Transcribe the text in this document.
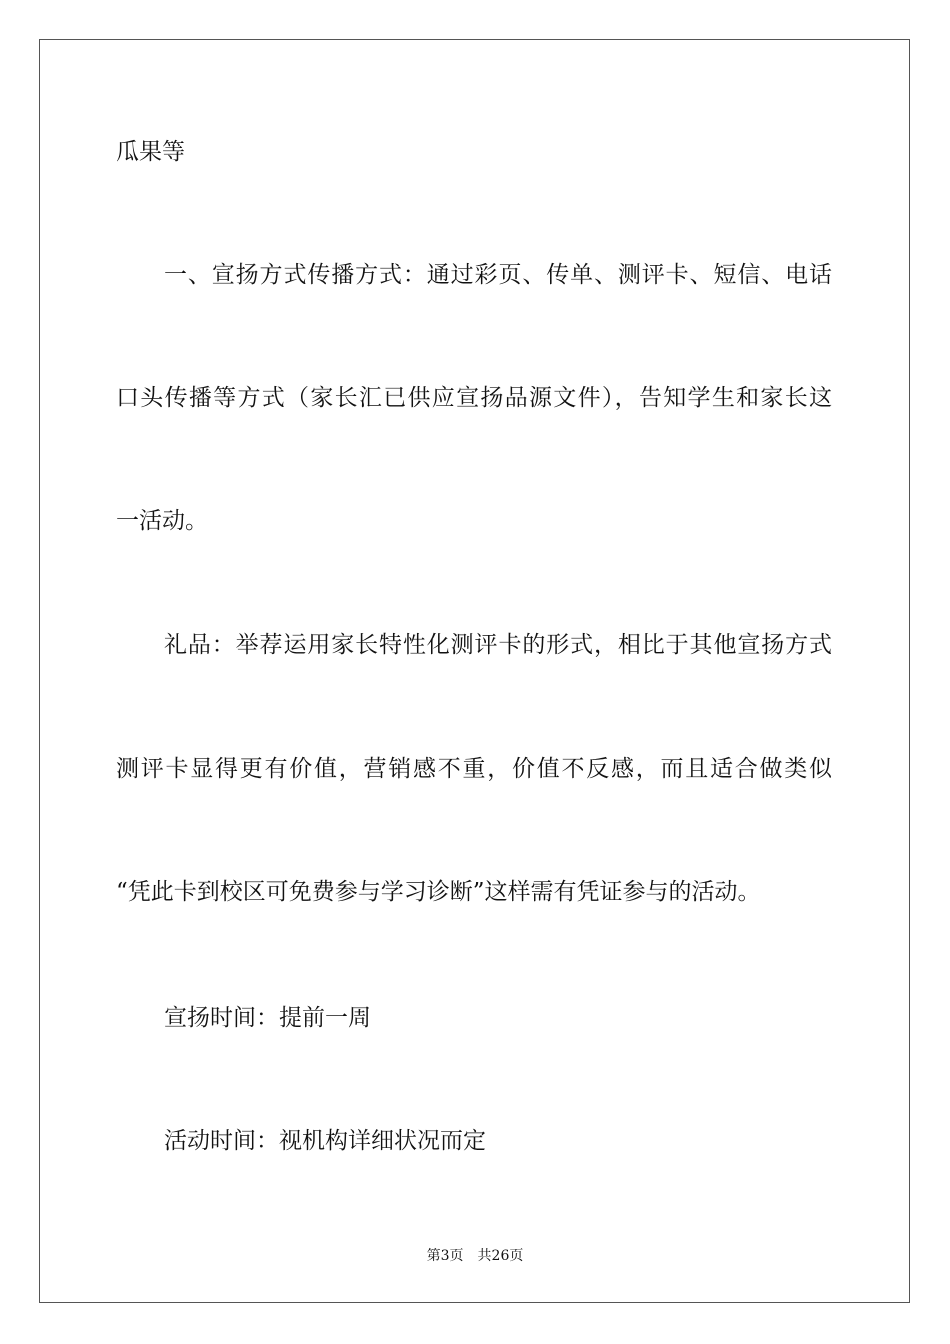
瓜果等
一、宣扬方式传播方式：通过彩页、传单、测评卡、短信、电话
口头传播等方式（家长汇已供应宣扬品源文件），告知学生和家长这
一活动。
礼品：举荐运用家长特性化测评卡的形式，相比于其他宣扬方式
测评卡显得更有价值，营销感不重，价值不反感，而且适合做类似
“凭此卡到校区可免费参与学习诊断”这样需有凭证参与的活动。
宣扬时间：提前一周
活动时间：视机构详细状况而定
第3页　共26页
